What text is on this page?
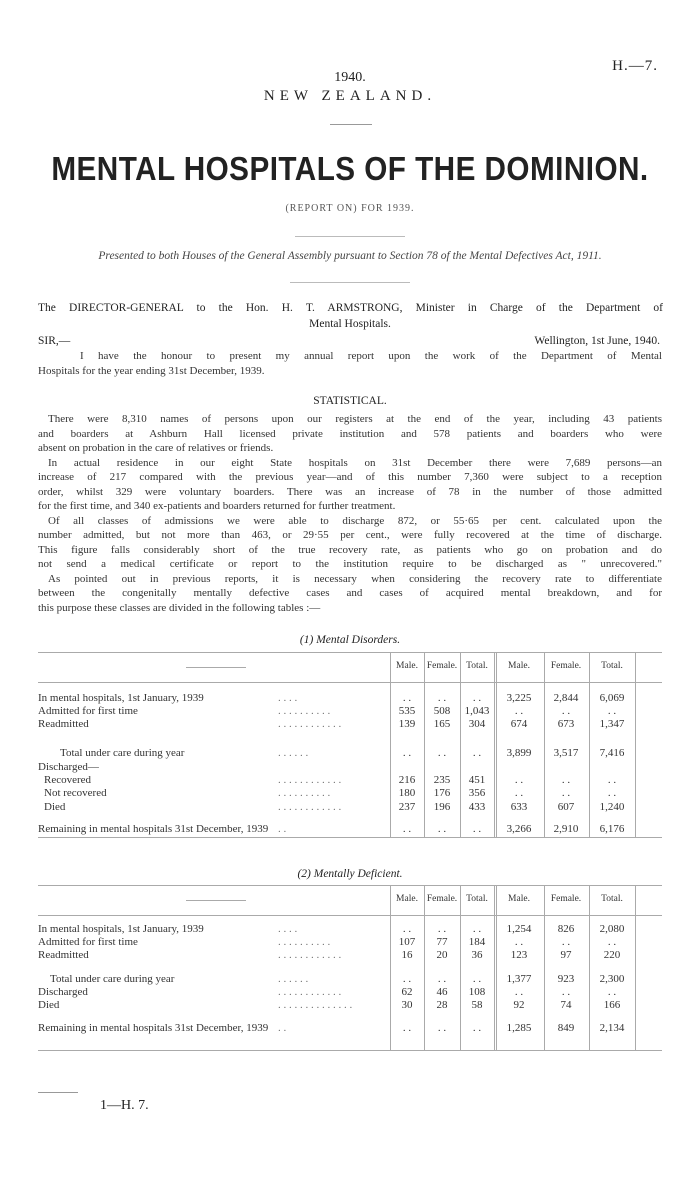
H.—7.
1940.
NEW ZEALAND.
MENTAL HOSPITALS OF THE DOMINION.
(REPORT ON) FOR 1939.
Presented to both Houses of the General Assembly pursuant to Section 78 of the Mental Defectives Act, 1911.
The DIRECTOR-GENERAL to the Hon. H. T. ARMSTRONG, Minister in Charge of the Department of
Mental Hospitals.
SIR,—	Wellington, 1st June, 1940.
I have the honour to present my annual report upon the work of the Department of Mental
Hospitals for the year ending 31st December, 1939.
STATISTICAL.
There were 8,310 names of persons upon our registers at the end of the year, including 43 patients
and boarders at Ashburn Hall licensed private institution and 578 patients and boarders who were
absent on probation in the care of relatives or friends.
In actual residence in our eight State hospitals on 31st December there were 7,689 persons—an
increase of 217 compared with the previous year—and of this number 7,360 were subject to a reception
order, whilst 329 were voluntary boarders. There was an increase of 78 in the number of those admitted
for the first time, and 340 ex-patients and boarders returned for further treatment.
Of all classes of admissions we were able to discharge 872, or 55·65 per cent. calculated upon the
number admitted, but not more than 463, or 29·55 per cent., were fully recovered at the time of discharge.
This figure falls considerably short of the true recovery rate, as patients who go on probation and do
not send a medical certificate or report to the institution require to be discharged as " unrecovered."
As pointed out in previous reports, it is necessary when considering the recovery rate to differentiate
between the congenitally mentally defective cases and cases of acquired mental breakdown, and for
this purpose these classes are divided in the following tables :—
(1) Mental Disorders.
Male. Female. Total.	Male.	Female.	Total.
In mental hospitals, 1st January, 1939	. . . .	. .	. .	. .	3,225	2,844	6,069
Admitted for first time	. . . . . . . . . .	535	508	1,043	. .	. .	. .
Readmitted	. . . . . . . . . . . .	139	165	304	674	673	1,347
Total under care during year	. . . . . .	. .	. .	. .	3,899	3,517	7,416
Discharged—
Recovered	. . . . . . . . . . . .	216	235	451	. .	. .	. .
Not recovered	. . . . . . . . . .	180	176	356	. .	. .	. .
Died	. . . . . . . . . . . .	237	196	433	633	607	1,240
Remaining in mental hospitals 31st December, 1939 . .	. .	. .	. .	3,266	2,910	6,176
(2) Mentally Deficient.
Male. Female. Total.	Male.	Female.	Total.
In mental hospitals, 1st January, 1939	. . . .	. .	. .	. .	1,254	826	2,080
Admitted for first time	. . . . . . . . . .	107	77	184	. .	. .	. .
Readmitted	. . . . . . . . . . . .	16	20	36	123	97	220
Total under care during year	. . . . . .	. .	. .	. .	1,377	923	2,300
Discharged	. . . . . . . . . . . .	62	46	108	. .	. .	. .
Died	. . . . . . . . . . . . . .	30	28	58	92	74	166
Remaining in mental hospitals 31st December, 1939 . .	. .	. .	. .	1,285	849	2,134
1—H. 7.
